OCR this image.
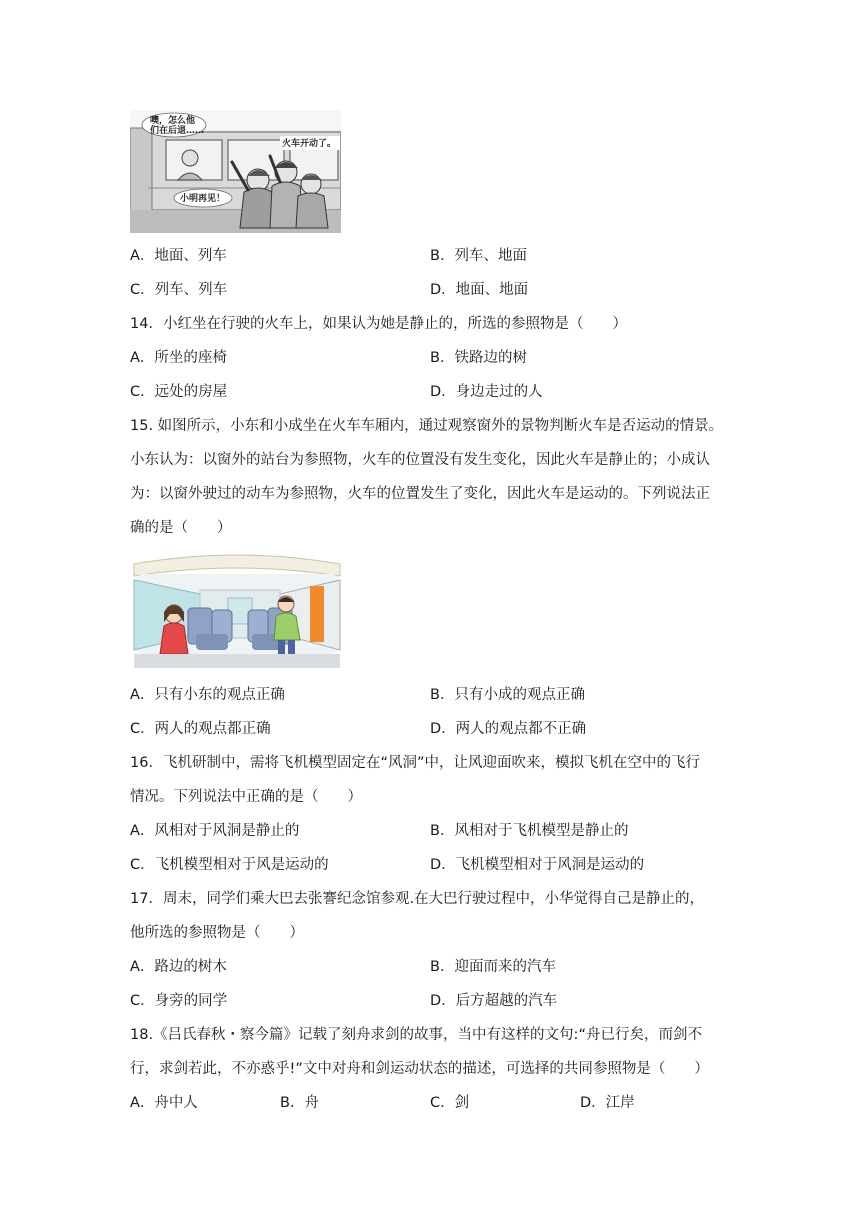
噢，怎么他
们在后退……
火车开动了。
小明再见！
A．地面、列车	B．列车、地面
C．列车、列车	D．地面、地面
14．小红坐在行驶的火车上，如果认为她是静止的，所选的参照物是（　　）
A．所坐的座椅	B．铁路边的树
C．远处的房屋	D．身边走过的人
15. 如图所示，小东和小成坐在火车车厢内，通过观察窗外的景物判断火车是否运动的情景。
小东认为：以窗外的站台为参照物，火车的位置没有发生变化，因此火车是静止的；小成认
为：以窗外驶过的动车为参照物，火车的位置发生了变化，因此火车是运动的。下列说法正
确的是（　　）
A．只有小东的观点正确	B．只有小成的观点正确
C．两人的观点都正确	D．两人的观点都不正确
16．飞机研制中，需将飞机模型固定在“风洞”中，让风迎面吹来，模拟飞机在空中的飞行
情况。下列说法中正确的是（　　）
A．风相对于风洞是静止的	B．风相对于飞机模型是静止的
C．飞机模型相对于风是运动的	D．飞机模型相对于风洞是运动的
17．周末，同学们乘大巴去张謇纪念馆参观.在大巴行驶过程中，小华觉得自己是静止的，
他所选的参照物是（　　）
A．路边的树木	B．迎面而来的汽车
C．身旁的同学	D．后方超越的汽车
18.《吕氏春秋・察今篇》记载了刻舟求剑的故事，当中有这样的文句:“舟已行矣，而剑不
行，求剑若此，不亦惑乎!”文中对舟和剑运动状态的描述，可选择的共同参照物是（　　）
A．舟中人	B．舟	C．剑	D．江岸
